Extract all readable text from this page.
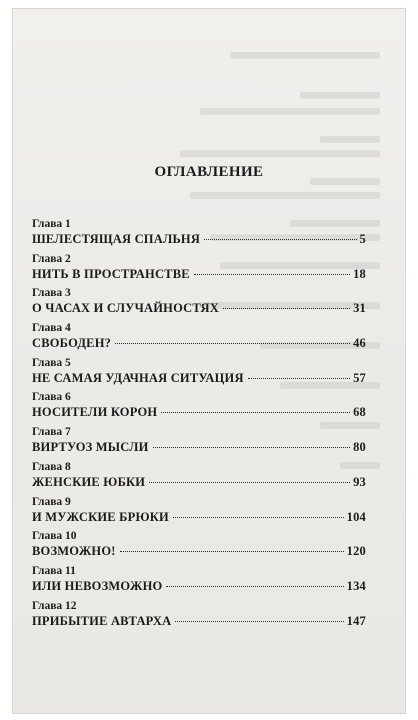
ОГЛАВЛЕНИЕ
Глава 1
ШЕЛЕСТЯЩАЯ СПАЛЬНЯ	5
Глава 2
НИТЬ В ПРОСТРАНСТВЕ	18
Глава 3
О ЧАСАХ И СЛУЧАЙНОСТЯХ	31
Глава 4
СВОБОДЕН?	46
Глава 5
НЕ САМАЯ УДАЧНАЯ СИТУАЦИЯ	57
Глава 6
НОСИТЕЛИ КОРОН	68
Глава 7
ВИРТУОЗ МЫСЛИ	80
Глава 8
ЖЕНСКИЕ ЮБКИ	93
Глава 9
И МУЖСКИЕ БРЮКИ	104
Глава 10
ВОЗМОЖНО!	120
Глава 11
ИЛИ НЕВОЗМОЖНО	134
Глава 12
ПРИБЫТИЕ АВТАРХА	147
